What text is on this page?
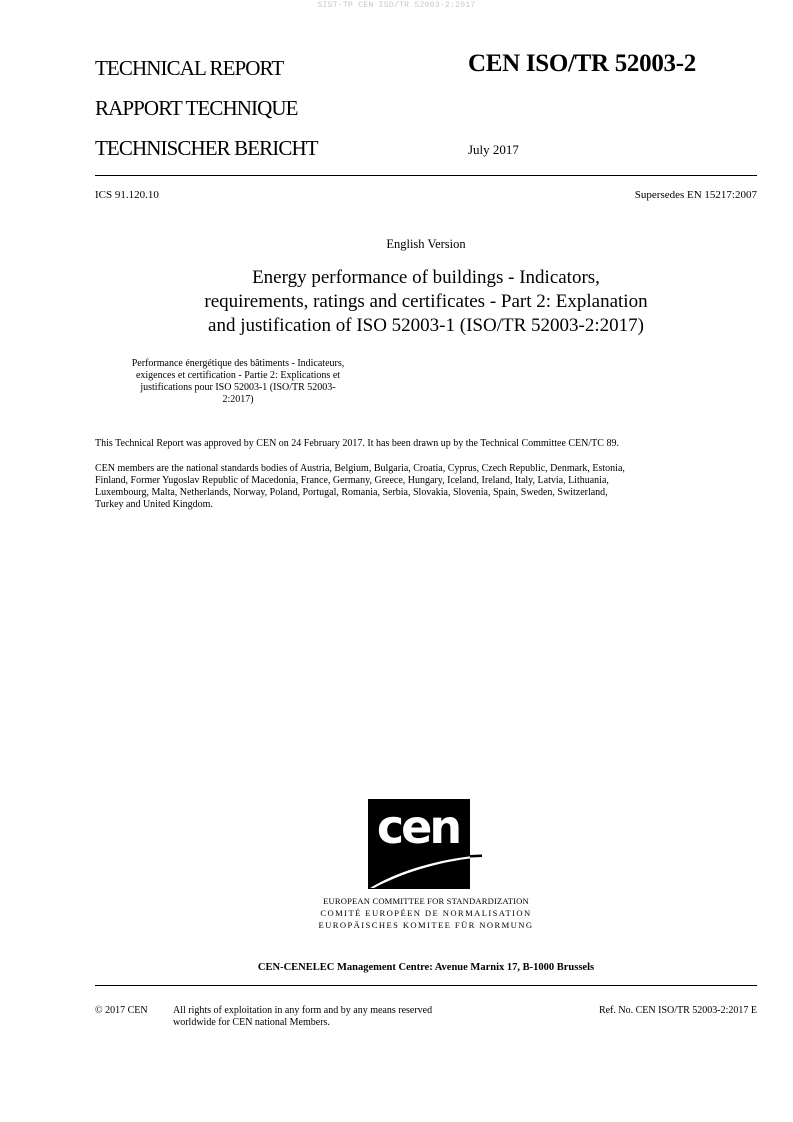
SIST-TP CEN ISO/TR 52003-2:2017
TECHNICAL REPORT
RAPPORT TECHNIQUE
TECHNISCHER BERICHT
CEN ISO/TR 52003-2
July 2017
ICS 91.120.10	Supersedes EN 15217:2007
English Version
Energy performance of buildings - Indicators,
requirements, ratings and certificates - Part 2: Explanation
and justification of ISO 52003-1 (ISO/TR 52003-2:2017)
Performance énergétique des bâtiments - Indicateurs,
exigences et certification - Partie 2: Explications et
justifications pour ISO 52003-1 (ISO/TR 52003-
2:2017)
This Technical Report was approved by CEN on 24 February 2017. It has been drawn up by the Technical Committee CEN/TC 89.
CEN members are the national standards bodies of Austria, Belgium, Bulgaria, Croatia, Cyprus, Czech Republic, Denmark, Estonia,
Finland, Former Yugoslav Republic of Macedonia, France, Germany, Greece, Hungary, Iceland, Ireland, Italy, Latvia, Lithuania,
Luxembourg, Malta, Netherlands, Norway, Poland, Portugal, Romania, Serbia, Slovakia, Slovenia, Spain, Sweden, Switzerland,
Turkey and United Kingdom.
cen
EUROPEAN COMMITTEE FOR STANDARDIZATION
COMITÉ EUROPÉEN DE NORMALISATION
EUROPÄISCHES KOMITEE FÜR NORMUNG
CEN-CENELEC Management Centre: Avenue Marnix 17, B-1000 Brussels
© 2017 CEN	All rights of exploitation in any form and by any means reserved
worldwide for CEN national Members.
Ref. No. CEN ISO/TR 52003-2:2017 E
